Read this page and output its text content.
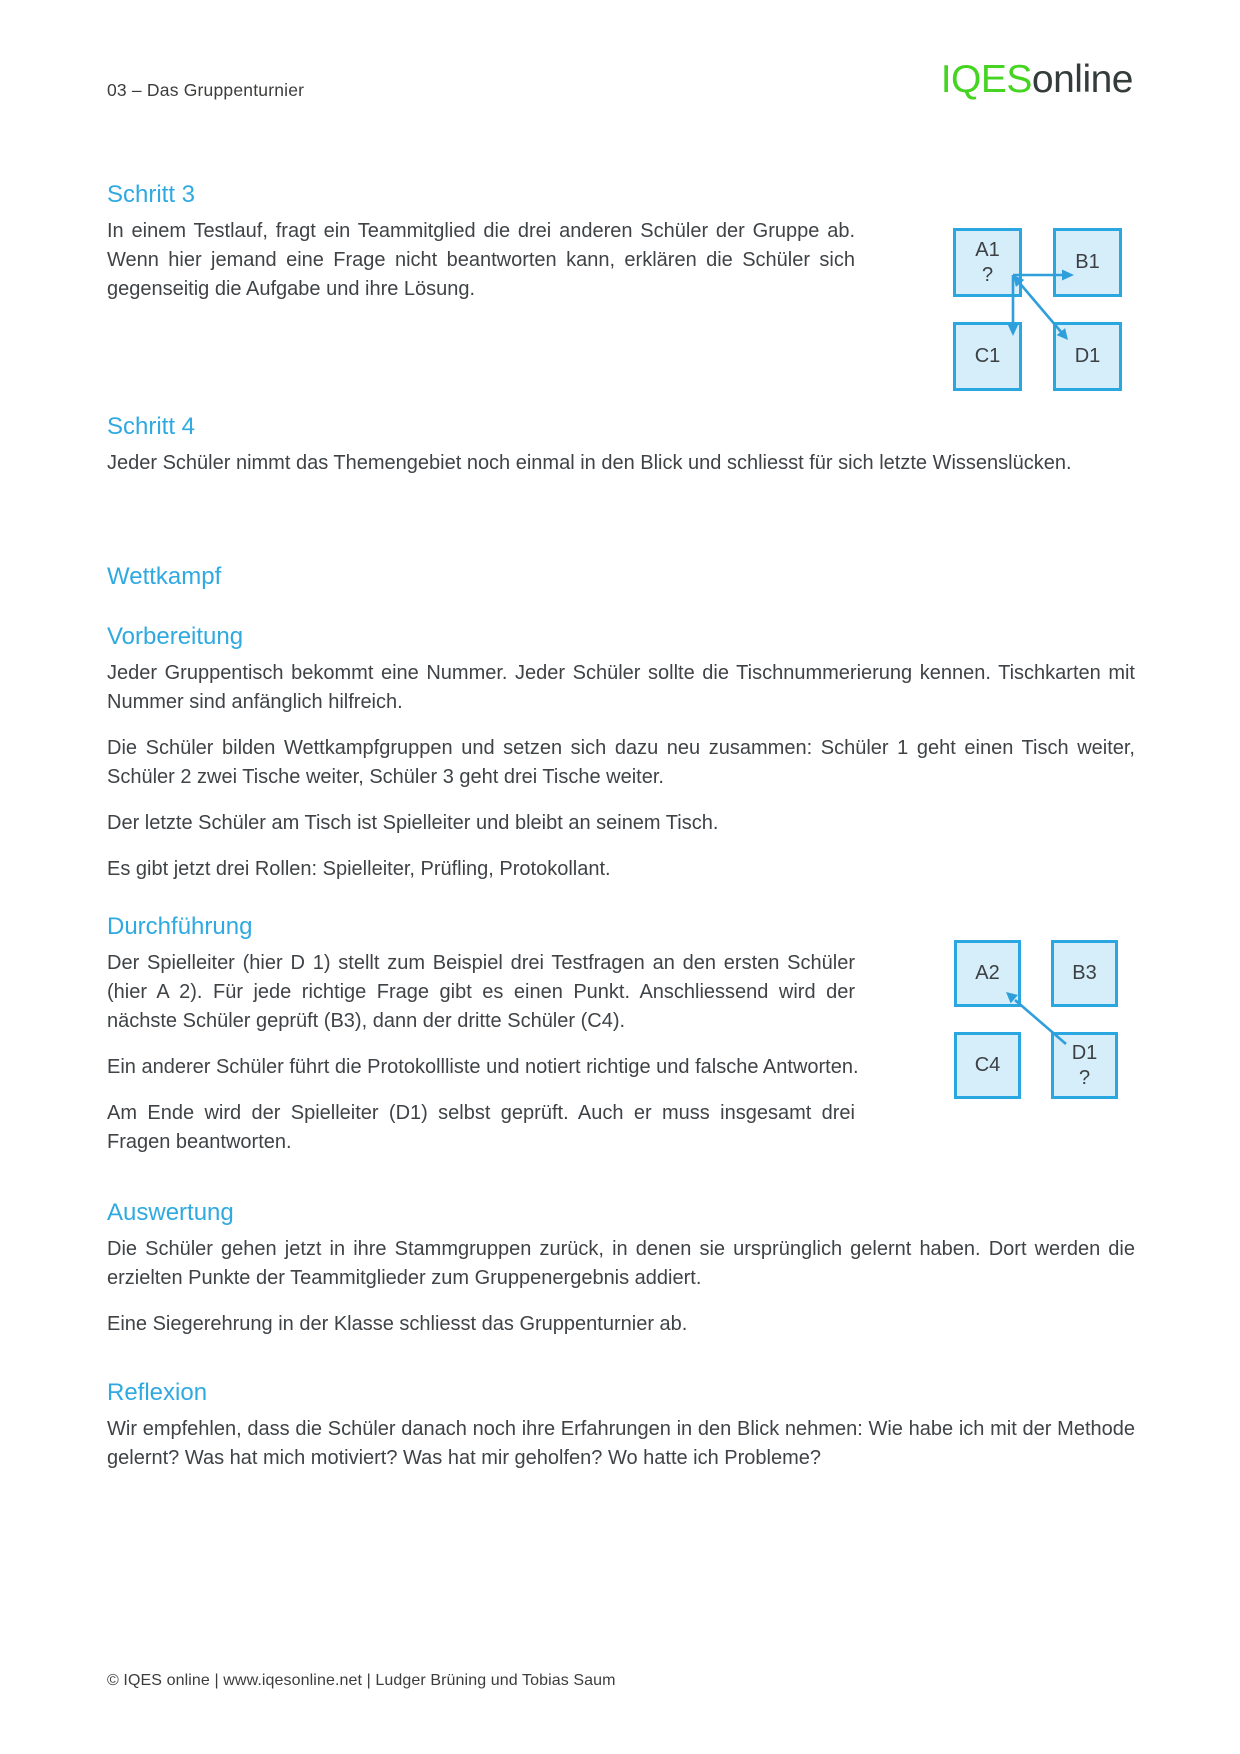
03 – Das Gruppenturnier	IQESonline
Schritt 3

In einem Testlauf, fragt ein Teammitglied die drei anderen Schüler der Gruppe ab. Wenn hier jemand eine Frage nicht beantworten kann, erklären die Schüler sich gegenseitig die Aufgabe und ihre Lösung.

A1
?
B1
C1	D1
Schritt 4

Jeder Schüler nimmt das Themengebiet noch einmal in den Blick und schliesst für sich letzte Wissenslücken.

Wettkampf
Vorbereitung

Jeder Gruppentisch bekommt eine Nummer. Jeder Schüler sollte die Tischnummerierung kennen. Tischkarten mit Nummer sind anfänglich hilfreich.

Die Schüler bilden Wettkampfgruppen und setzen sich dazu neu zusammen: Schüler 1 geht einen Tisch weiter, Schüler 2 zwei Tische weiter, Schüler 3 geht drei Tische weiter.

Der letzte Schüler am Tisch ist Spielleiter und bleibt an seinem Tisch.

Es gibt jetzt drei Rollen: Spielleiter, Prüfling, Protokollant.

Durchführung

Der Spielleiter (hier D 1) stellt zum Beispiel drei Testfragen an den ersten Schüler (hier A 2). Für jede richtige Frage gibt es einen Punkt. Anschliessend wird der nächste Schüler geprüft (B3), dann der dritte Schüler (C4).

Ein anderer Schüler führt die Protokollliste und notiert richtige und falsche Antworten.

Am Ende wird der Spielleiter (D1) selbst geprüft. Auch er muss insgesamt drei Fragen beantworten.

A2	B3
C4
D1
?
Auswertung

Die Schüler gehen jetzt in ihre Stammgruppen zurück, in denen sie ursprünglich gelernt haben. Dort werden die erzielten Punkte der Teammitglieder zum Gruppenergebnis addiert.

Eine Siegerehrung in der Klasse schliesst das Gruppenturnier ab.

Reflexion

Wir empfehlen, dass die Schüler danach noch ihre Erfahrungen in den Blick nehmen: Wie habe ich mit der Methode gelernt? Was hat mich motiviert? Was hat mir geholfen? Wo hatte ich Probleme?

© IQES online | www.iqesonline.net | Ludger Brüning und Tobias Saum
